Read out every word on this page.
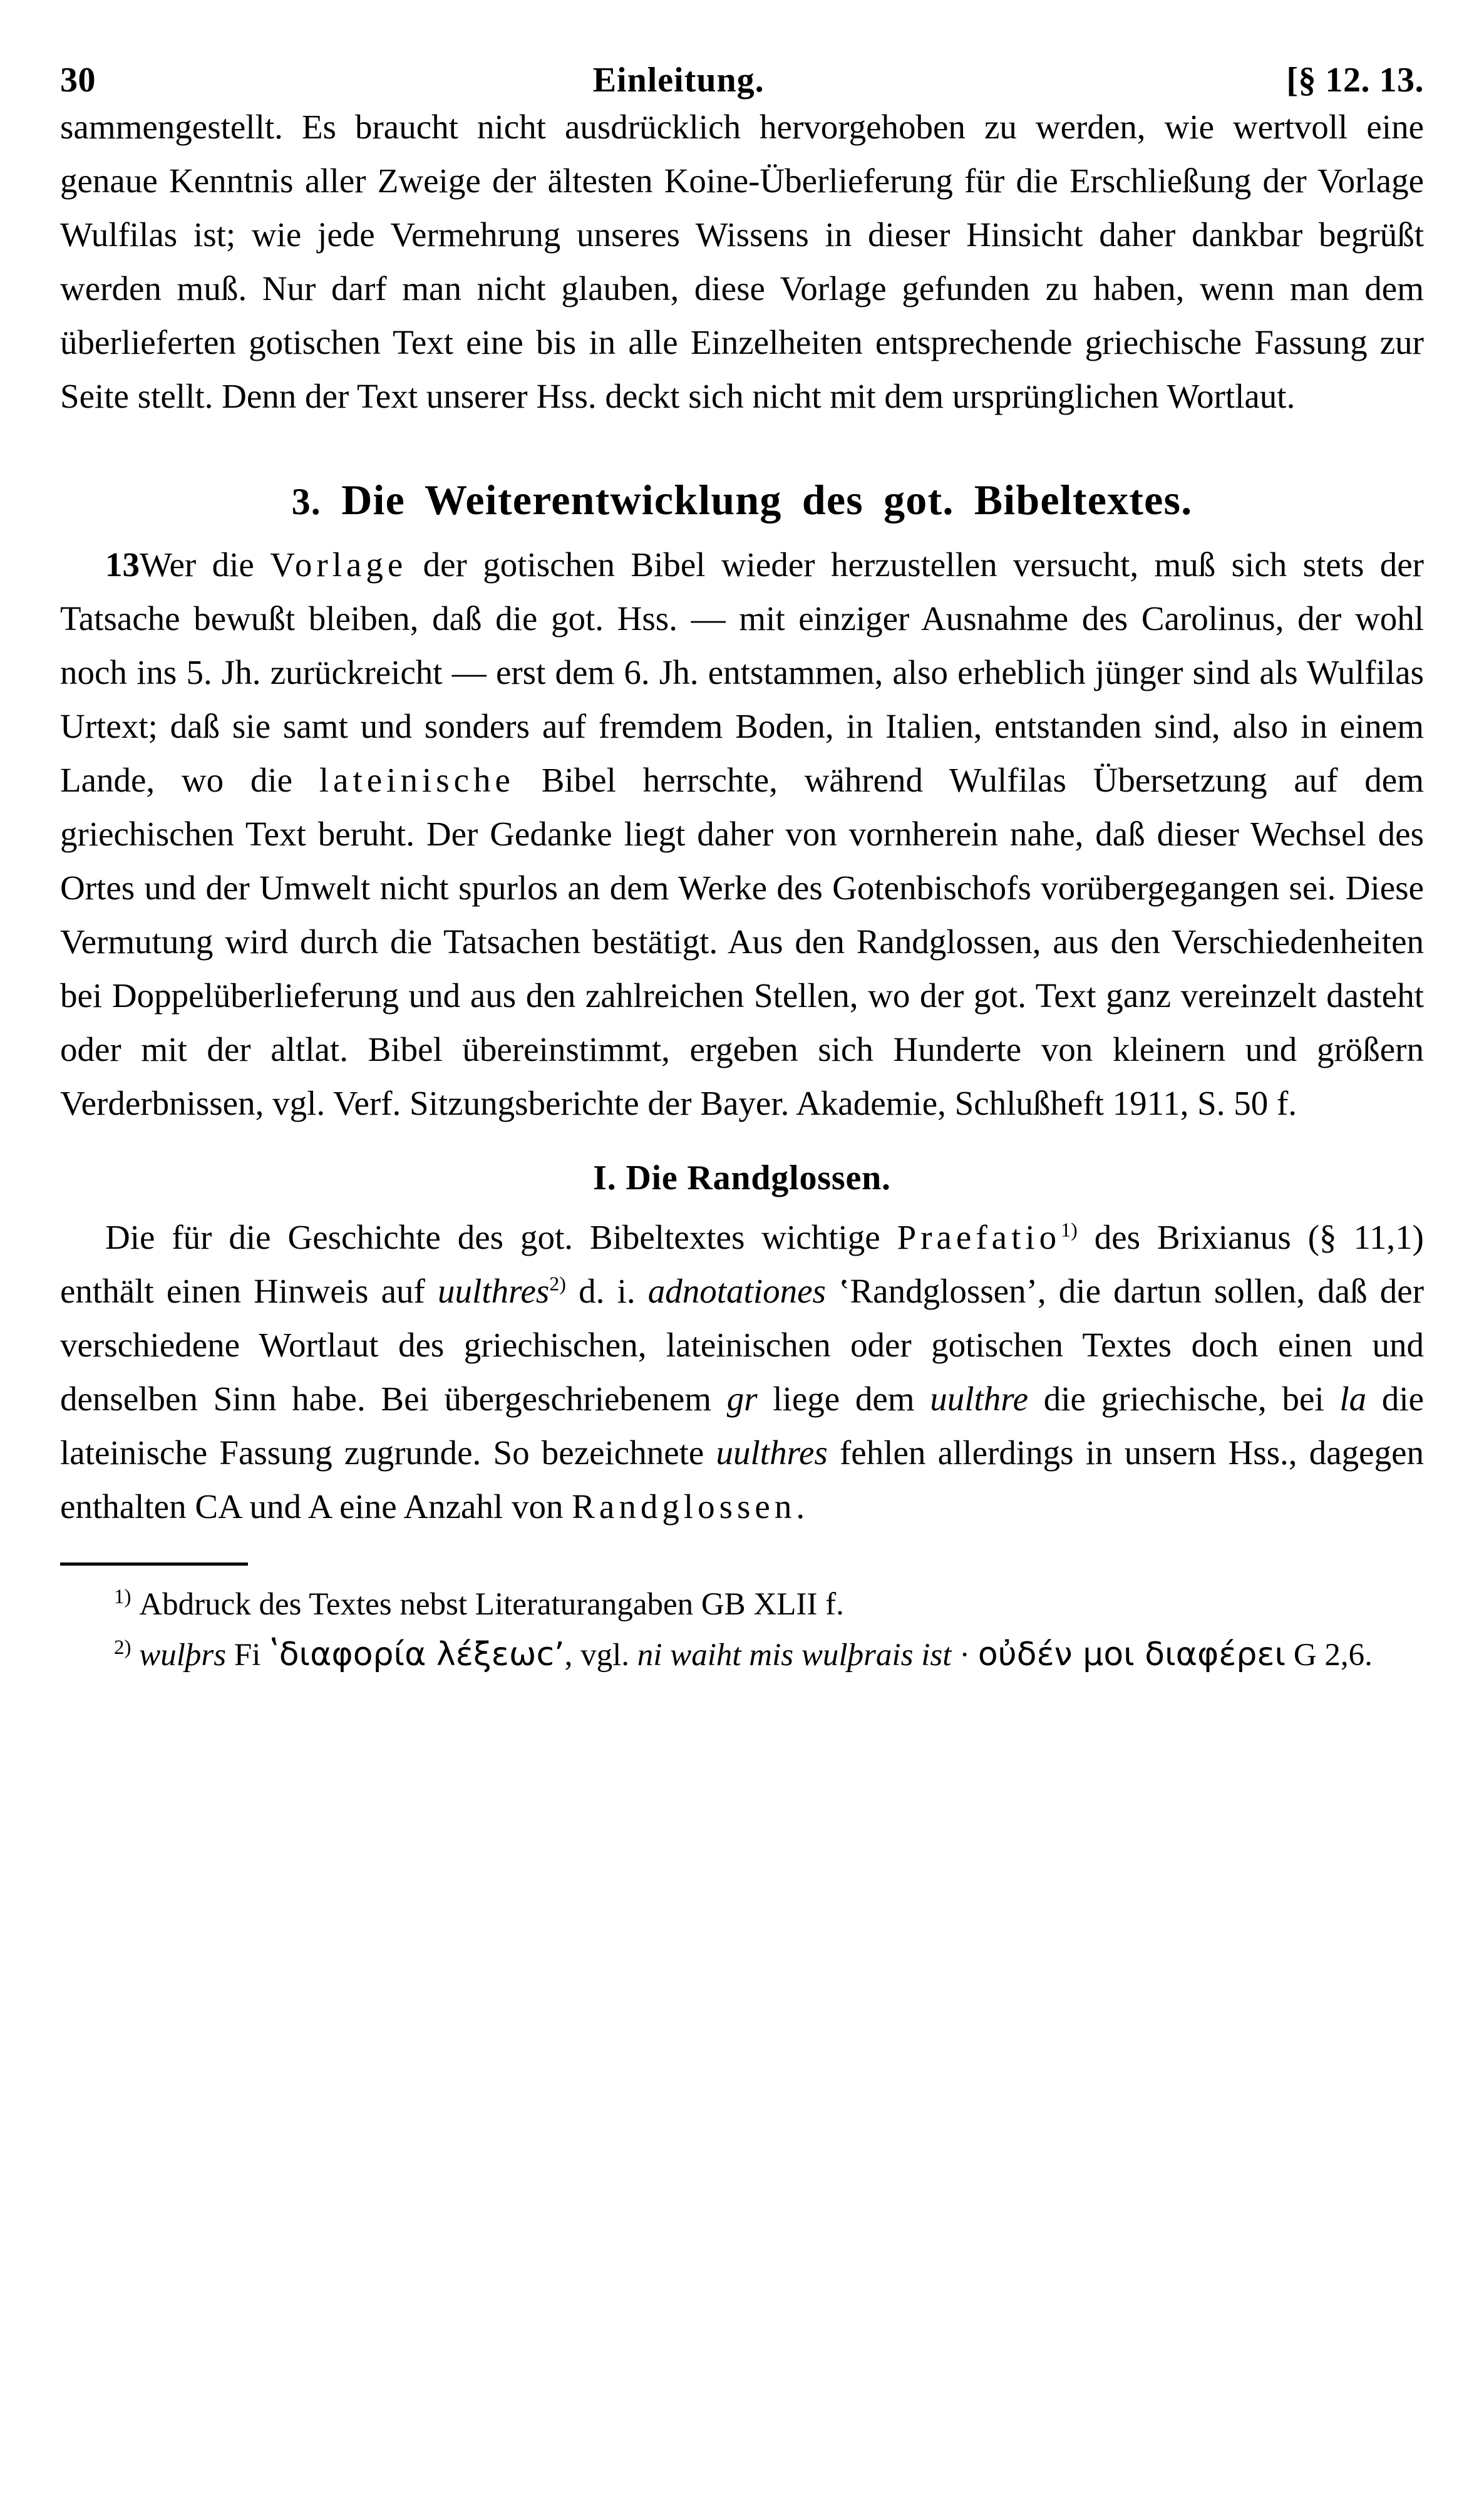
30	Einleitung.	[§ 12. 13.

sammengestellt. Es braucht nicht ausdrücklich hervorgehoben zu werden, wie wertvoll eine genaue Kenntnis aller Zweige der ältesten Koine-Überlieferung für die Erschließung der Vorlage Wulfilas ist; wie jede Vermehrung unseres Wissens in dieser Hinsicht daher dankbar begrüßt werden muß. Nur darf man nicht glauben, diese Vorlage gefunden zu haben, wenn man dem überlieferten gotischen Text eine bis in alle Einzelheiten entsprechende griechische Fassung zur Seite stellt. Denn der Text unserer Hss. deckt sich nicht mit dem ursprünglichen Wortlaut.

3. Die Weiterentwicklung des got. Bibeltextes.

13Wer die Vorlage der gotischen Bibel wieder herzustellen versucht, muß sich stets der Tatsache bewußt bleiben, daß die got. Hss. — mit einziger Ausnahme des Carolinus, der wohl noch ins 5. Jh. zurückreicht — erst dem 6. Jh. entstammen, also erheblich jünger sind als Wulfilas Urtext; daß sie samt und sonders auf fremdem Boden, in Italien, entstanden sind, also in einem Lande, wo die lateinische Bibel herrschte, während Wulfilas Übersetzung auf dem griechischen Text beruht. Der Gedanke liegt daher von vornherein nahe, daß dieser Wechsel des Ortes und der Umwelt nicht spurlos an dem Werke des Gotenbischofs vorübergegangen sei. Diese Vermutung wird durch die Tatsachen bestätigt. Aus den Randglossen, aus den Verschiedenheiten bei Doppelüberlieferung und aus den zahlreichen Stellen, wo der got. Text ganz vereinzelt dasteht oder mit der altlat. Bibel übereinstimmt, ergeben sich Hunderte von kleinern und größern Verderbnissen, vgl. Verf. Sitzungsberichte der Bayer. Akademie, Schlußheft 1911, S. 50 f.

I. Die Randglossen.

Die für die Geschichte des got. Bibeltextes wichtige Praefatio$^{1)}$ des Brixianus (§ 11,1) enthält einen Hinweis auf uulthres$^{2)}$ d. i. adnotationes ʽRandglossen’, die dartun sollen, daß der verschiedene Wortlaut des griechischen, lateinischen oder gotischen Textes doch einen und denselben Sinn habe. Bei übergeschriebenem gr liege dem uulthre die griechische, bei la die lateinische Fassung zugrunde. So bezeichnete uulthres fehlen allerdings in unsern Hss., dagegen enthalten CA und A eine Anzahl von Randglossen.

$^{1)}$ Abdruck des Textes nebst Literaturangaben GB XLII f.

$^{2)}$ wulþrs Fi ʽδιαφορία λέξεωc’, vgl. ni waiht mis wulþrais ist · οὐδέν μοι διαφέρει G 2,6.
